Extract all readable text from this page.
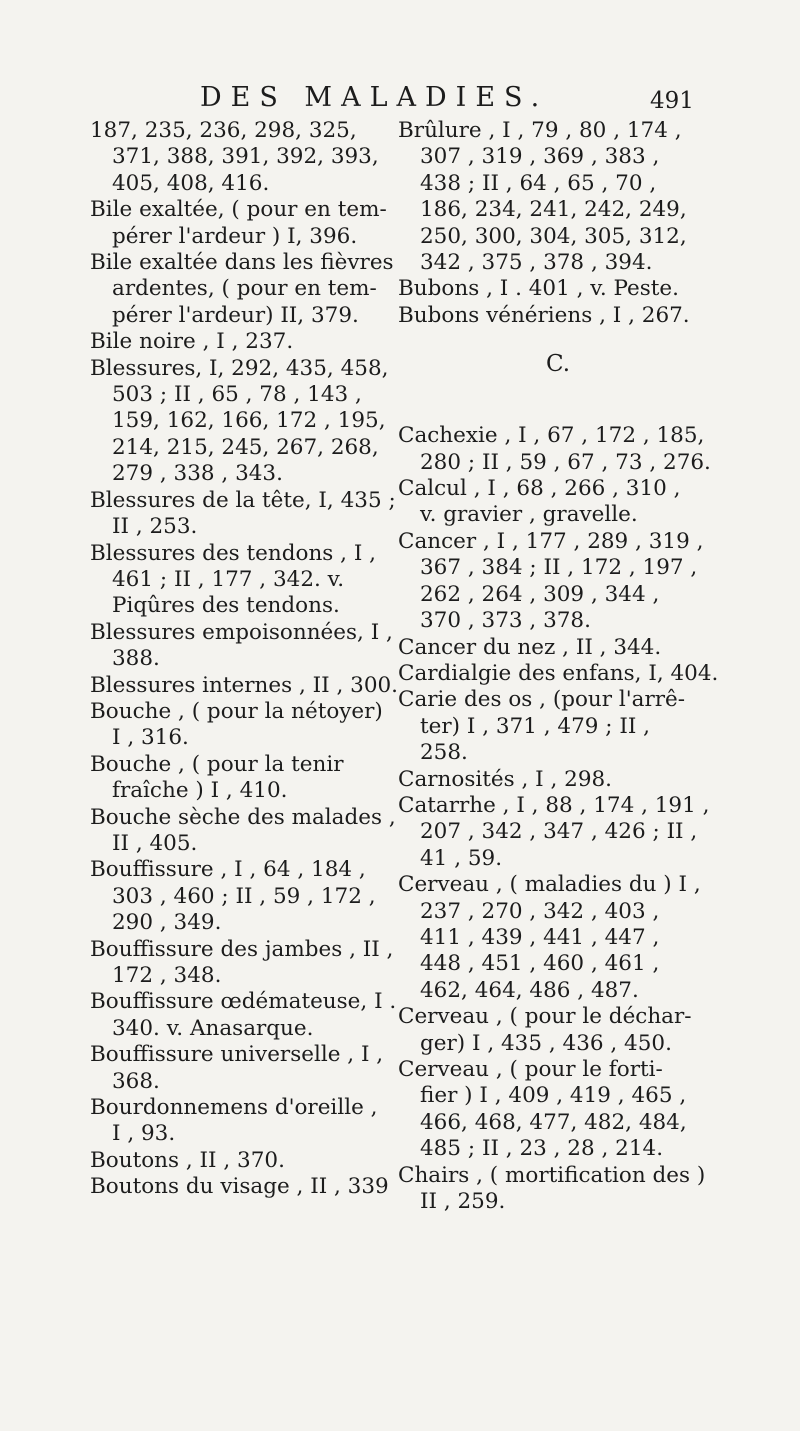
DES MALADIES.	491
187, 235, 236, 298, 325,
371, 388, 391, 392, 393,
405, 408, 416.
Bile exaltée, ( pour en tem-
pérer l'ardeur ) I, 396.
Bile exaltée dans les fièvres
ardentes, ( pour en tem-
pérer l'ardeur) II, 379.
Bile noire , I , 237.
Blessures, I, 292, 435, 458,
503 ; II , 65 , 78 , 143 ,
159, 162, 166, 172 , 195,
214, 215, 245, 267, 268,
279 , 338 , 343.
Blessures de la tête, I, 435 ;
II , 253.
Blessures des tendons , I ,
461 ; II , 177 , 342. v.
Piqûres des tendons.
Blessures empoisonnées, I ,
388.
Blessures internes , II , 300.
Bouche , ( pour la nétoyer)
I , 316.
Bouche , ( pour la tenir
fraîche ) I , 410.
Bouche sèche des malades ,
II , 405.
Bouffissure , I , 64 , 184 ,
303 , 460 ; II , 59 , 172 ,
290 , 349.
Bouffissure des jambes , II ,
172 , 348.
Bouffissure œdémateuse, I .
340. v. Anasarque.
Bouffissure universelle , I ,
368.
Bourdonnemens d'oreille ,
I , 93.
Boutons , II , 370.
Boutons du visage , II , 339
Brûlure , I , 79 , 80 , 174 ,
307 , 319 , 369 , 383 ,
438 ; II , 64 , 65 , 70 ,
186, 234, 241, 242, 249,
250, 300, 304, 305, 312,
342 , 375 , 378 , 394.
Bubons , I . 401 , v. Peste.
Bubons vénériens , I , 267.
C.
Cachexie , I , 67 , 172 , 185,
280 ; II , 59 , 67 , 73 , 276.
Calcul , I , 68 , 266 , 310 ,
v. gravier , gravelle.
Cancer , I , 177 , 289 , 319 ,
367 , 384 ; II , 172 , 197 ,
262 , 264 , 309 , 344 ,
370 , 373 , 378.
Cancer du nez , II , 344.
Cardialgie des enfans, I, 404.
Carie des os , (pour l'arrê-
ter) I , 371 , 479 ; II ,
258.
Carnosités , I , 298.
Catarrhe , I , 88 , 174 , 191 ,
207 , 342 , 347 , 426 ; II ,
41 , 59.
Cerveau , ( maladies du ) I ,
237 , 270 , 342 , 403 ,
411 , 439 , 441 , 447 ,
448 , 451 , 460 , 461 ,
462, 464, 486 , 487.
Cerveau , ( pour le déchar-
ger) I , 435 , 436 , 450.
Cerveau , ( pour le forti-
fier ) I , 409 , 419 , 465 ,
466, 468, 477, 482, 484,
485 ; II , 23 , 28 , 214.
Chairs , ( mortification des )
II , 259.
